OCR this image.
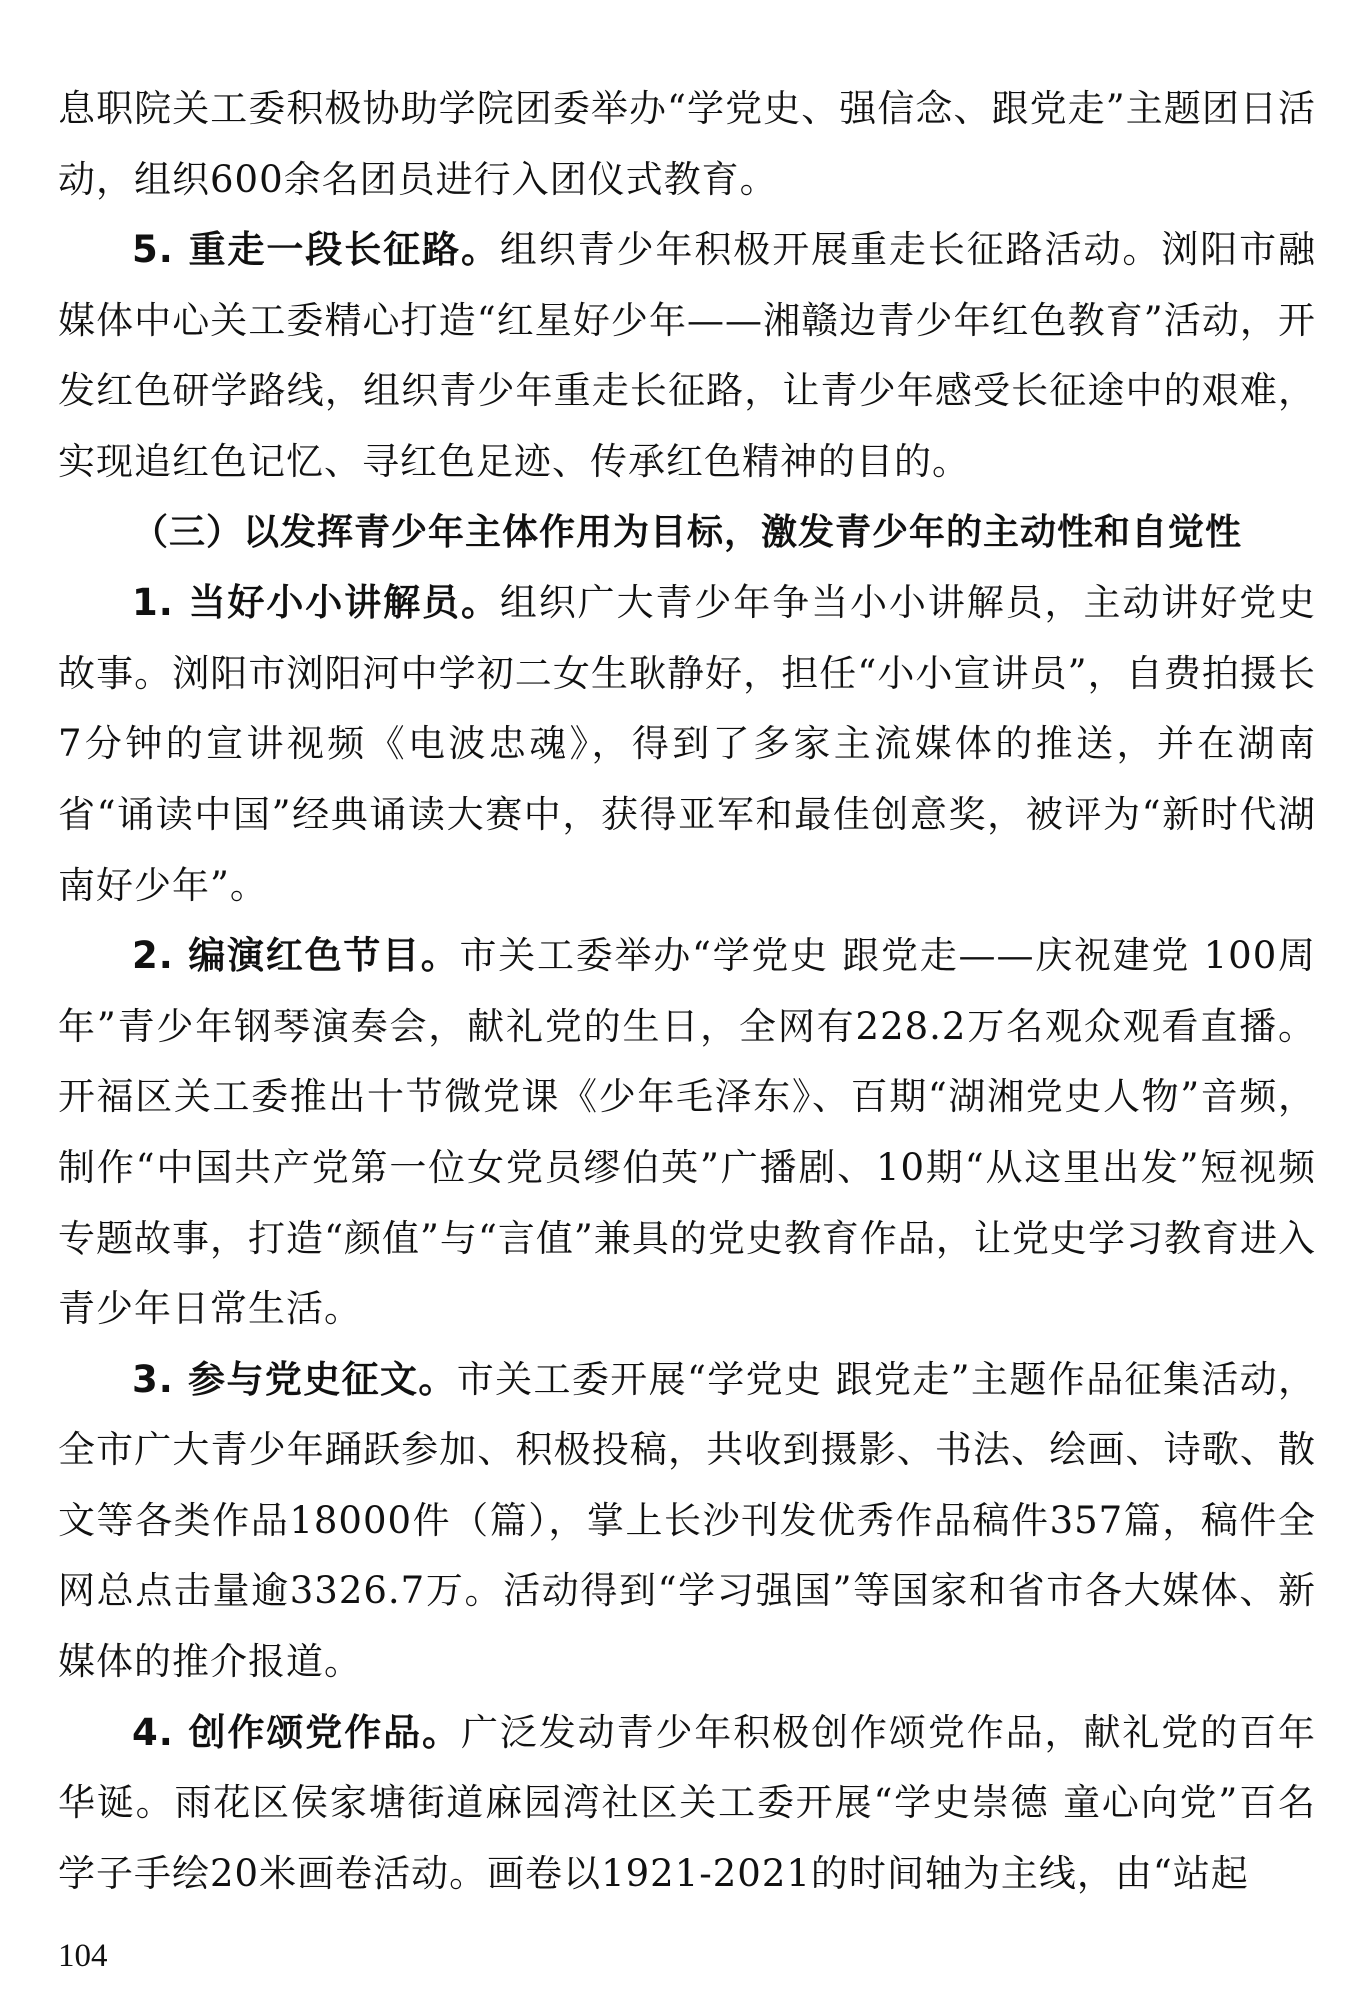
息职院关工委积极协助学院团委举办“学党史、强信念、跟党走”主题团日活动，组织600余名团员进行入团仪式教育。

5. 重走一段长征路。组织青少年积极开展重走长征路活动。浏阳市融媒体中心关工委精心打造“红星好少年——湘赣边青少年红色教育”活动，开发红色研学路线，组织青少年重走长征路，让青少年感受长征途中的艰难，实现追红色记忆、寻红色足迹、传承红色精神的目的。

（三）以发挥青少年主体作用为目标，激发青少年的主动性和自觉性

1. 当好小小讲解员。组织广大青少年争当小小讲解员，主动讲好党史故事。浏阳市浏阳河中学初二女生耿静好，担任“小小宣讲员”，自费拍摄长7分钟的宣讲视频《电波忠魂》，得到了多家主流媒体的推送，并在湖南省“诵读中国”经典诵读大赛中，获得亚军和最佳创意奖，被评为“新时代湖南好少年”。

2. 编演红色节目。市关工委举办“学党史 跟党走——庆祝建党 100周年”青少年钢琴演奏会，献礼党的生日，全网有228.2万名观众观看直播。开福区关工委推出十节微党课《少年毛泽东》、百期“湖湘党史人物”音频，制作“中国共产党第一位女党员缪伯英”广播剧、10期“从这里出发”短视频专题故事，打造“颜值”与“言值”兼具的党史教育作品，让党史学习教育进入青少年日常生活。

3. 参与党史征文。市关工委开展“学党史 跟党走”主题作品征集活动，全市广大青少年踊跃参加、积极投稿，共收到摄影、书法、绘画、诗歌、散文等各类作品18000件（篇），掌上长沙刊发优秀作品稿件357篇，稿件全网总点击量逾3326.7万。活动得到“学习强国”等国家和省市各大媒体、新媒体的推介报道。

4. 创作颂党作品。广泛发动青少年积极创作颂党作品，献礼党的百年华诞。雨花区侯家塘街道麻园湾社区关工委开展“学史崇德 童心向党”百名学子手绘20米画卷活动。画卷以1921-2021的时间轴为主线，由“站起

104
